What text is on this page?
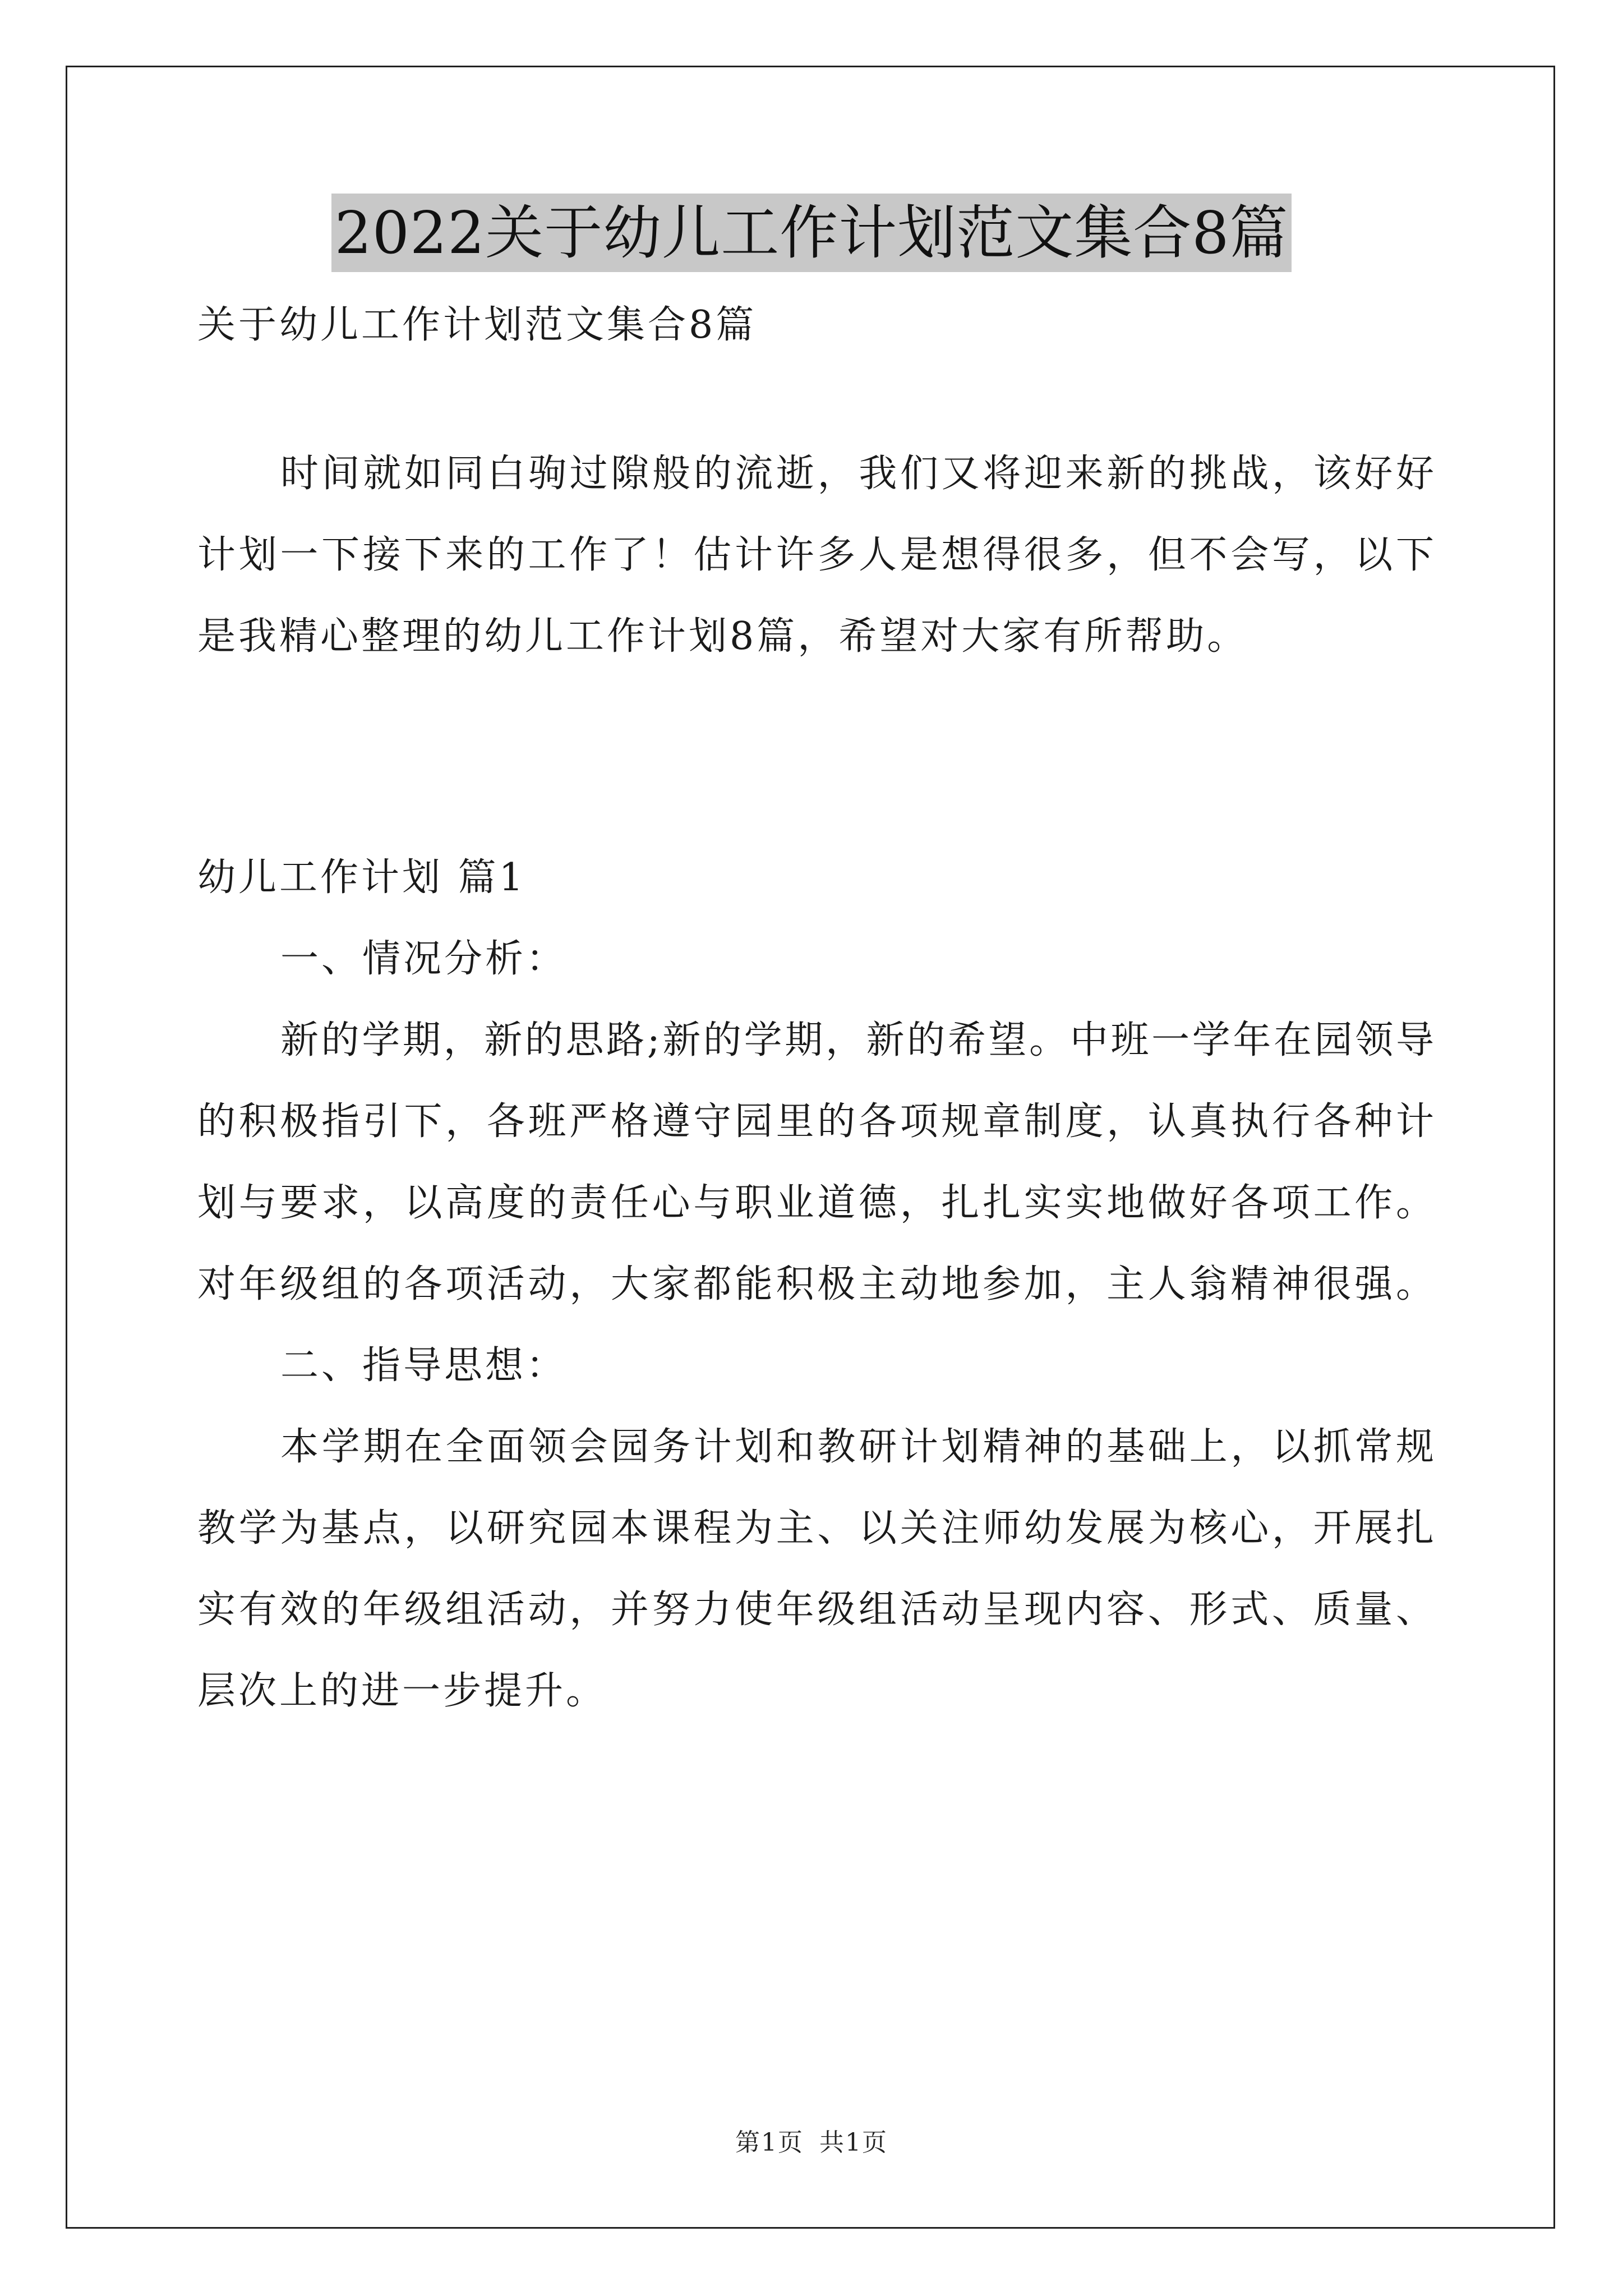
2022关于幼儿工作计划范文集合8篇

关于幼儿工作计划范文集合8篇

时间就如同白驹过隙般的流逝，我们又将迎来新的挑战，该好好

计划一下接下来的工作了！估计许多人是想得很多，但不会写，以下

是我精心整理的幼儿工作计划8篇，希望对大家有所帮助。

幼儿工作计划 篇1

一、情况分析：

新的学期，新的思路;新的学期，新的希望。中班一学年在园领导

的积极指引下，各班严格遵守园里的各项规章制度，认真执行各种计

划与要求，以高度的责任心与职业道德，扎扎实实地做好各项工作。

对年级组的各项活动，大家都能积极主动地参加，主人翁精神很强。

二、指导思想：

本学期在全面领会园务计划和教研计划精神的基础上，以抓常规

教学为基点，以研究园本课程为主、以关注师幼发展为核心，开展扎

实有效的年级组活动，并努力使年级组活动呈现内容、形式、质量、

层次上的进一步提升。

第1页 共1页
